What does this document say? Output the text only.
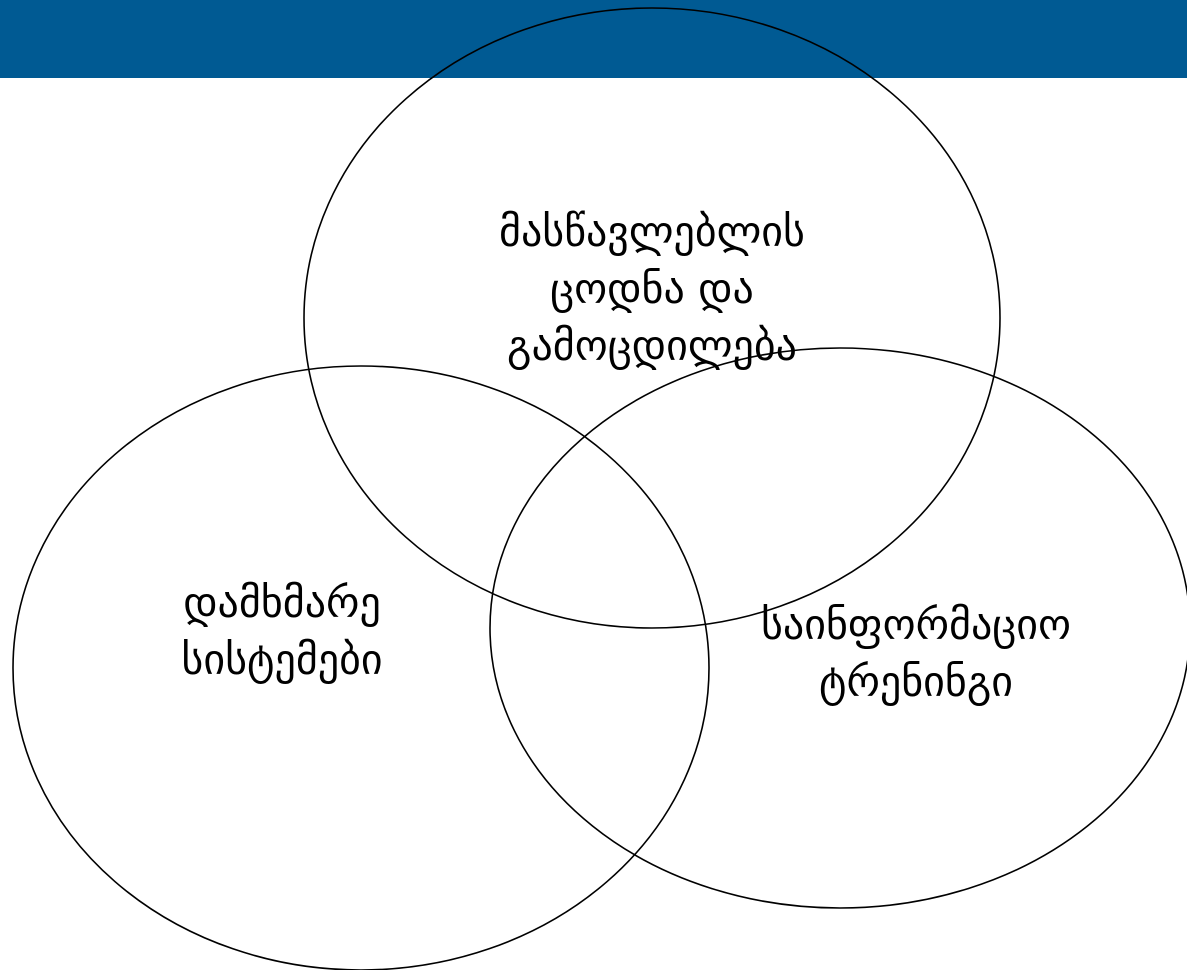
მასწავლებლის
ცოდნა და
გამოცდილება
დამხმარე
სისტემები
საინფორმაციო
ტრენინგი
